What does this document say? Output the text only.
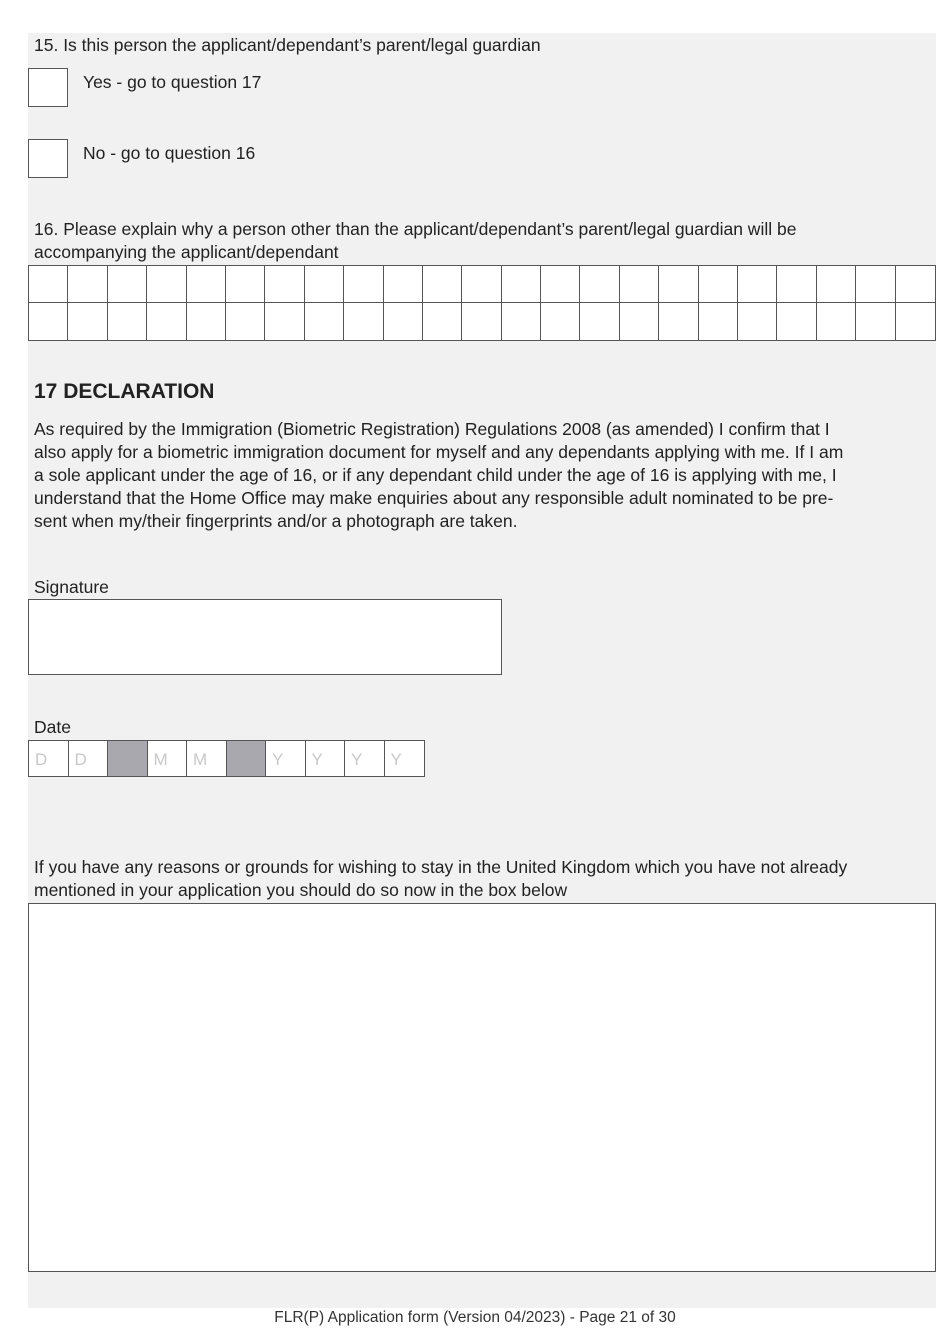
15. Is this person the applicant/dependant’s parent/legal guardian
Yes - go to question 17
No - go to question 16
16. Please explain why a person other than the applicant/dependant’s parent/legal guardian will be
accompanying the applicant/dependant
17 DECLARATION
As required by the Immigration (Biometric Registration) Regulations 2008 (as amended) I confirm that I
also apply for a biometric immigration document for myself and any dependants applying with me. If I am
a sole applicant under the age of 16, or if any dependant child under the age of 16 is applying with me, I
understand that the Home Office may make enquiries about any responsible adult nominated to be pre-
sent when my/their fingerprints and/or a photograph are taken.
Signature
Date
D	D	M	M	Y	Y	Y	Y
If you have any reasons or grounds for wishing to stay in the United Kingdom which you have not already
mentioned in your application you should do so now in the box below
FLR(P) Application form (Version 04/2023) - Page 21 of 30
